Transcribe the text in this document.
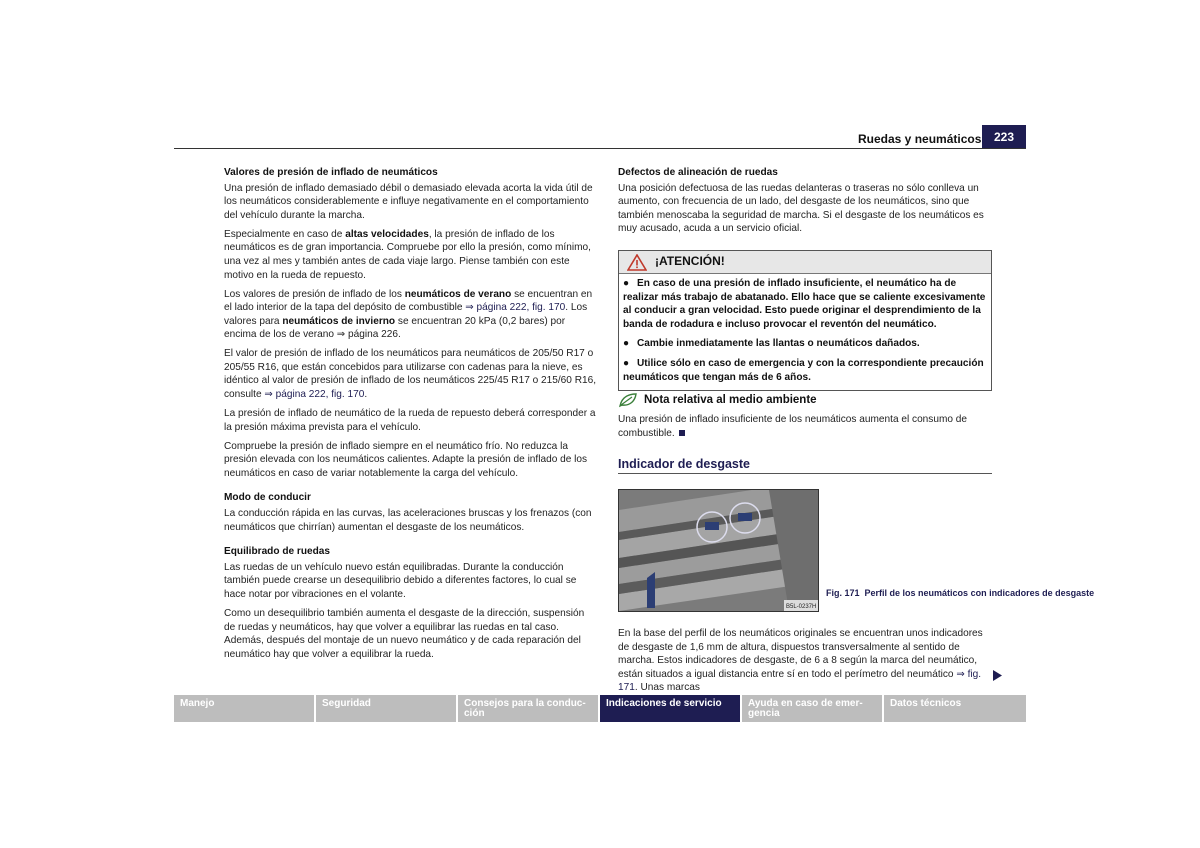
Ruedas y neumáticos	223
Valores de presión de inflado de neumáticos

Una presión de inflado demasiado débil o demasiado elevada acorta la vida útil de los neumáticos considerablemente e influye negativamente en el comportamiento del vehículo durante la marcha.

Especialmente en caso de altas velocidades, la presión de inflado de los neumáticos es de gran importancia. Compruebe por ello la presión, como mínimo, una vez al mes y también antes de cada viaje largo. Piense también con este motivo en la rueda de repuesto.

Los valores de presión de inflado de los neumáticos de verano se encuentran en el lado interior de la tapa del depósito de combustible ⇒ página 222, fig. 170. Los valores para neumáticos de invierno se encuentran 20 kPa (0,2 bares) por encima de los de verano ⇒ página 226.

El valor de presión de inflado de los neumáticos para neumáticos de 205/50 R17 o 205/55 R16, que están concebidos para utilizarse con cadenas para la nieve, es idéntico al valor de presión de inflado de los neumáticos 225/45 R17 o 215/60 R16, consulte ⇒ página 222, fig. 170.

La presión de inflado de neumático de la rueda de repuesto deberá corresponder a la presión máxima prevista para el vehículo.

Compruebe la presión de inflado siempre en el neumático frío. No reduzca la presión elevada con los neumáticos calientes. Adapte la presión de inflado de los neumáticos en caso de variar notablemente la carga del vehículo.

Modo de conducir

La conducción rápida en las curvas, las aceleraciones bruscas y los frenazos (con neumáticos que chirrían) aumentan el desgaste de los neumáticos.

Equilibrado de ruedas

Las ruedas de un vehículo nuevo están equilibradas. Durante la conducción también puede crearse un desequilibrio debido a diferentes factores, lo cual se hace notar por vibraciones en el volante.

Como un desequilibrio también aumenta el desgaste de la dirección, suspensión de ruedas y neumáticos, hay que volver a equilibrar las ruedas en tal caso. Además, después del montaje de un nuevo neumático y de cada reparación del neumático hay que volver a equilibrar la rueda.

Defectos de alineación de ruedas

Una posición defectuosa de las ruedas delanteras o traseras no sólo conlleva un aumento, con frecuencia de un lado, del desgaste de los neumáticos, sino que también menoscaba la seguridad de marcha. Si el desgaste de los neumáticos es muy acusado, acuda a un servicio oficial.

¡ATENCIÓN!
● En caso de una presión de inflado insuficiente, el neumático ha de realizar más trabajo de abatanado. Ello hace que se caliente excesivamente al conducir a gran velocidad. Esto puede originar el desprendimiento de la banda de rodadura e incluso provocar el reventón del neumático.
● Cambie inmediatamente las llantas o neumáticos dañados.
● Utilice sólo en caso de emergencia y con la correspondiente precaución neumáticos que tengan más de 6 años.
Nota relativa al medio ambiente
Una presión de inflado insuficiente de los neumáticos aumenta el consumo de combustible.
Indicador de desgaste
B5L-0237H
Fig. 171 Perfil de los neumáticos con indicadores de desgaste
En la base del perfil de los neumáticos originales se encuentran unos indicadores de desgaste de 1,6 mm de altura, dispuestos transversalmente al sentido de marcha. Estos indicadores de desgaste, de 6 a 8 según la marca del neumático, están situados a igual distancia entre sí en todo el perímetro del neumático ⇒ fig. 171. Unas marcas
Manejo	Seguridad	Consejos para la conduc-
ción
Indicaciones de servicio	Ayuda en caso de emer-
gencia
Datos técnicos
